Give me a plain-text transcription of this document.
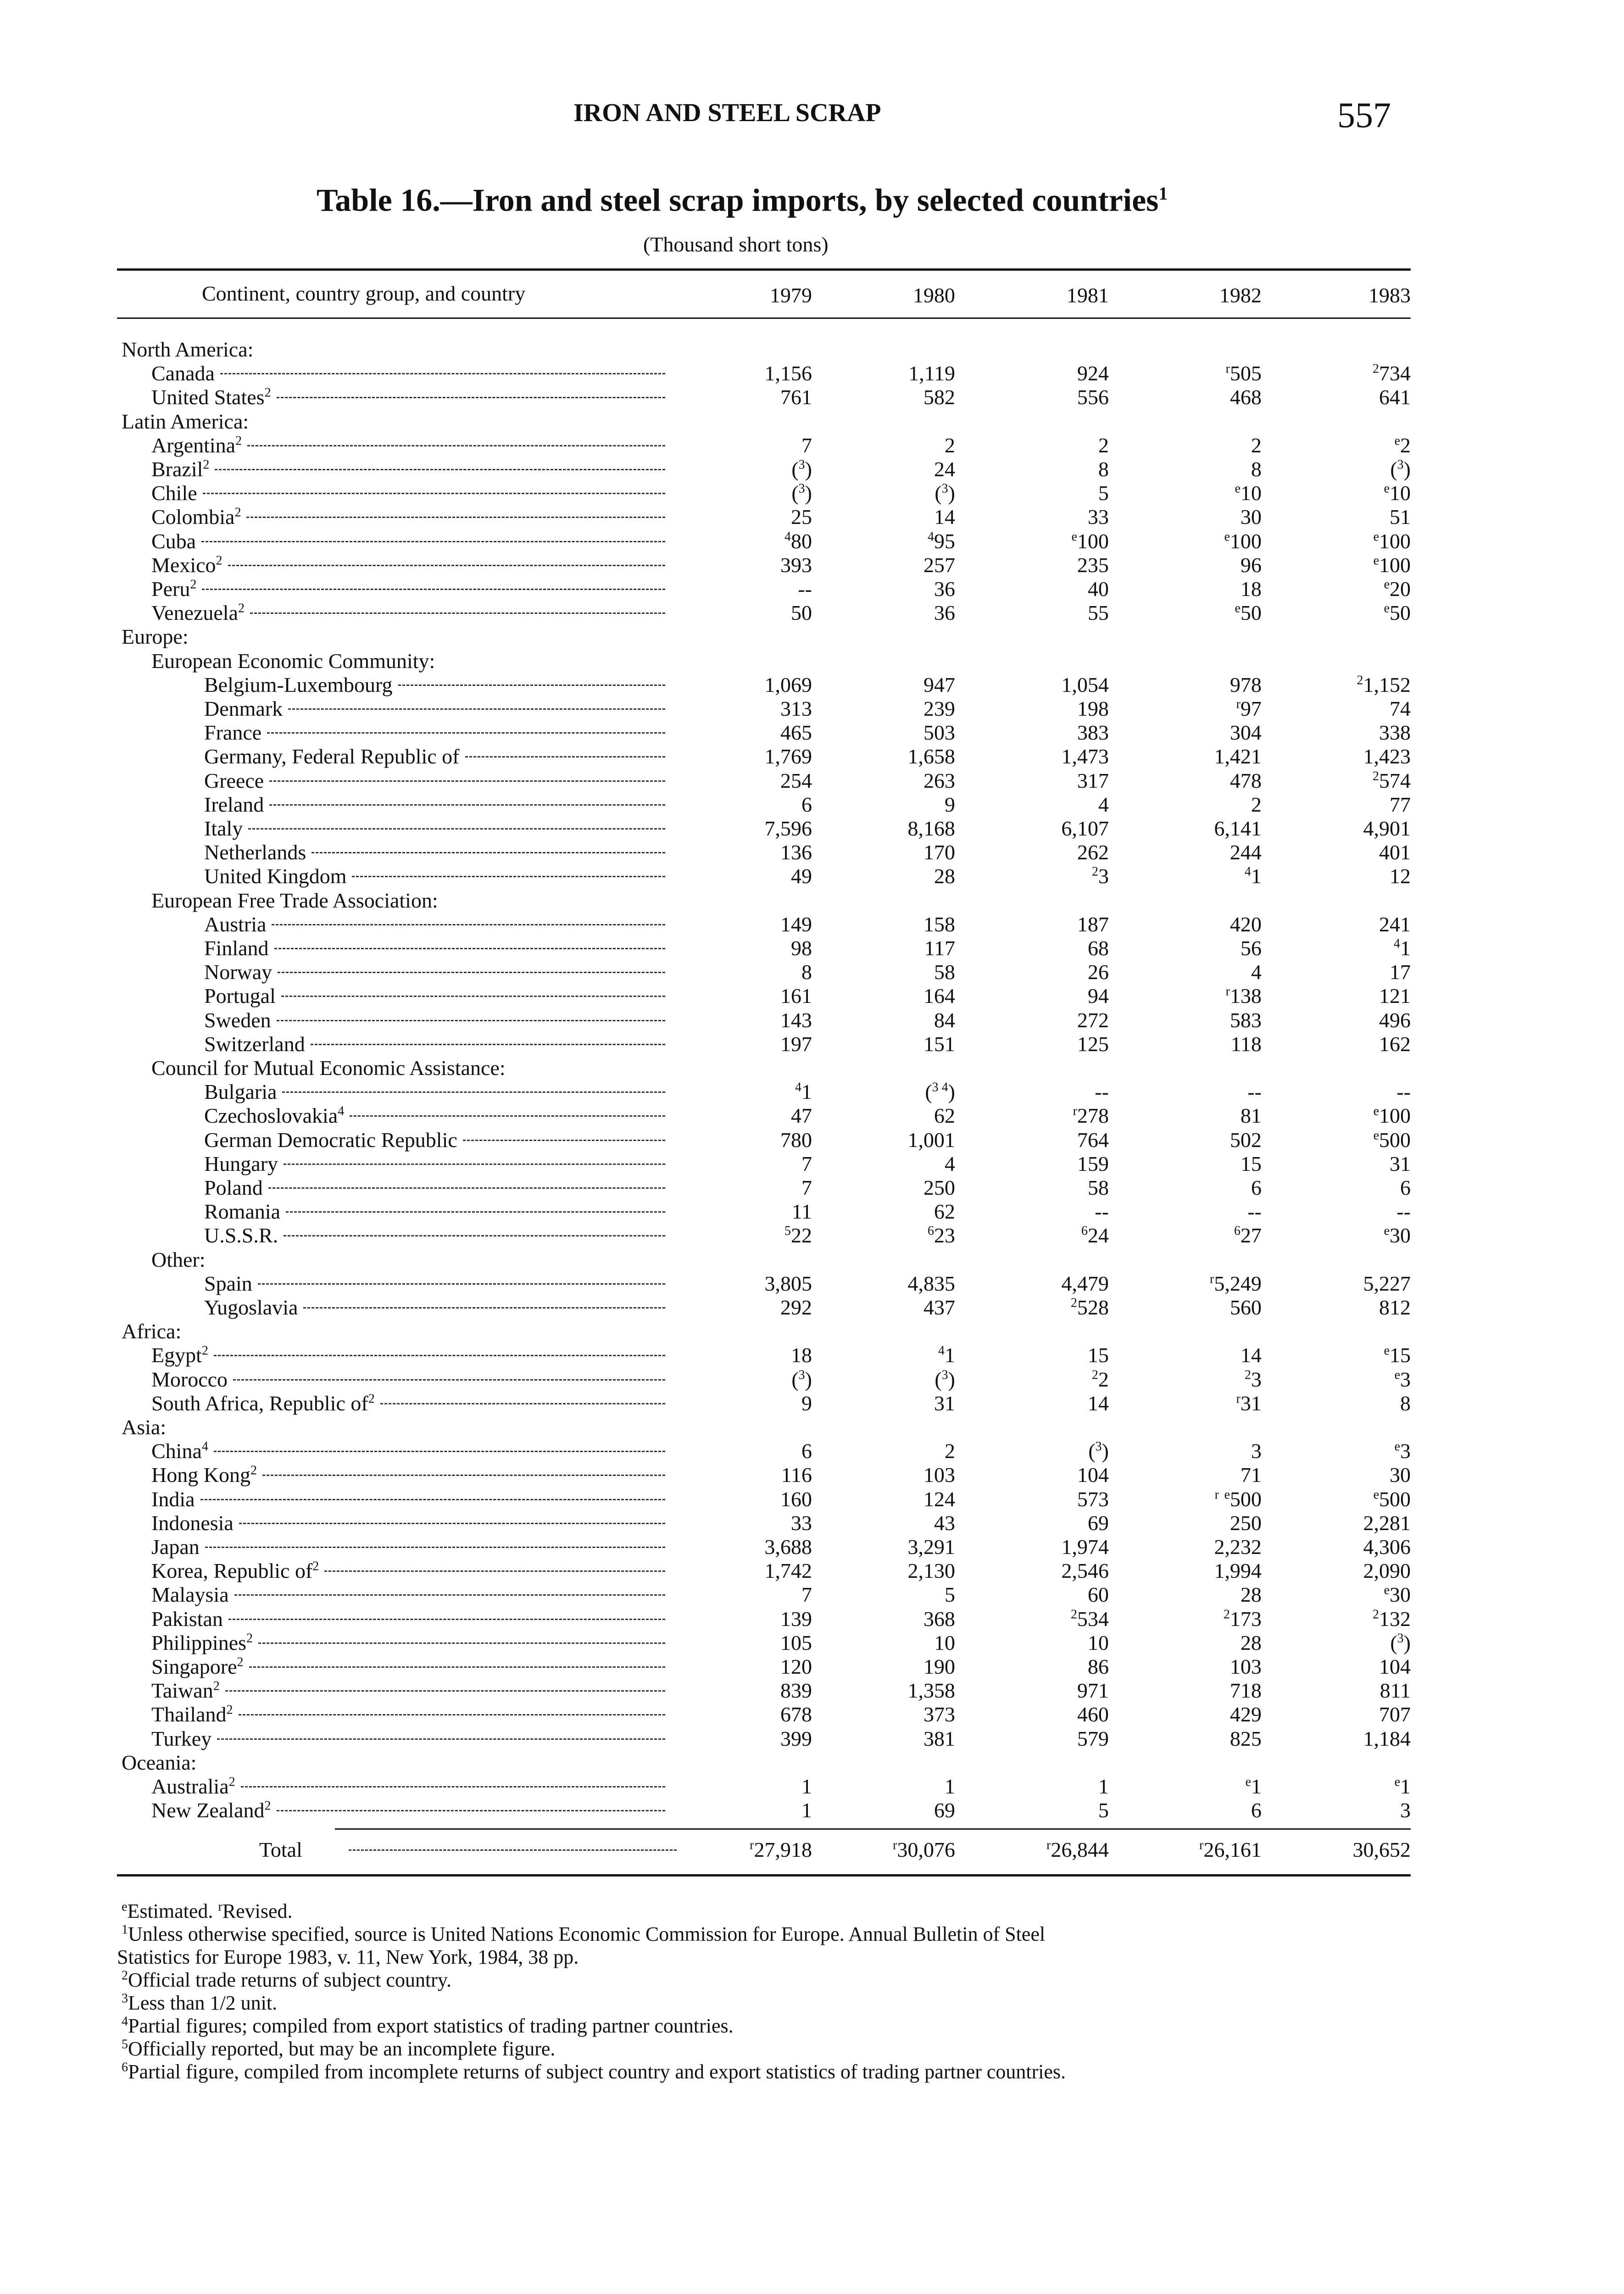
IRON AND STEEL SCRAP	557
Table 16.—Iron and steel scrap imports, by selected countries$^1$
(Thousand short tons)
Continent, country group, and country	1979	1980	1981	1982	1983
North America:
Canada	1,156	1,119	924	$^r$505	$^2$734
United States$^2$	761	582	556	468	641
Latin America:
Argentina$^2$	7	2	2	2	$^e$2
Brazil$^2$	($^3$)	24	8	8	($^3$)
Chile	($^3$)	($^3$)	5	$^e$10	$^e$10
Colombia$^2$	25	14	33	30	51
Cuba	$^4$80	$^4$95	$^e$100	$^e$100	$^e$100
Mexico$^2$	393	257	235	96	$^e$100
Peru$^2$	--	36	40	18	$^e$20
Venezuela$^2$	50	36	55	$^e$50	$^e$50
Europe:
European Economic Community:
Belgium-Luxembourg	1,069	947	1,054	978	$^2$1,152
Denmark	313	239	198	$^r$97	74
France	465	503	383	304	338
Germany, Federal Republic of	1,769	1,658	1,473	1,421	1,423
Greece	254	263	317	478	$^2$574
Ireland	6	9	4	2	77
Italy	7,596	8,168	6,107	6,141	4,901
Netherlands	136	170	262	244	401
United Kingdom	49	28	$^2$3	$^4$1	12
European Free Trade Association:
Austria	149	158	187	420	241
Finland	98	117	68	56	$^4$1
Norway	8	58	26	4	17
Portugal	161	164	94	$^r$138	121
Sweden	143	84	272	583	496
Switzerland	197	151	125	118	162
Council for Mutual Economic Assistance:
Bulgaria	$^4$1	($^{3 4}$)	--	--	--
Czechoslovakia$^4$	47	62	$^r$278	81	$^e$100
German Democratic Republic	780	1,001	764	502	$^e$500
Hungary	7	4	159	15	31
Poland	7	250	58	6	6
Romania	11	62	--	--	--
U.S.S.R.	$^5$22	$^6$23	$^6$24	$^6$27	$^e$30
Other:
Spain	3,805	4,835	4,479	$^r$5,249	5,227
Yugoslavia	292	437	$^2$528	560	812
Africa:
Egypt$^2$	18	$^4$1	15	14	$^e$15
Morocco	($^3$)	($^3$)	$^2$2	$^2$3	$^e$3
South Africa, Republic $of^2$	9	31	14	$^r$31	8
Asia:
China$^4$	6	2	($^3$)	3	$^e$3
Hong Kong$^2$	116	103	104	71	30
India	160	124	573	$^r$ $^e$500	$^e$500
Indonesia	33	43	69	250	2,281
Japan	3,688	3,291	1,974	2,232	4,306
Korea, Republic $of^2$	1,742	2,130	2,546	1,994	2,090
Malaysia	7	5	60	28	$^e$30
Pakistan	139	368	$^2$534	$^2$173	$^2$132
Philippines$^2$	105	10	10	28	($^3$)
Singapore$^2$	120	190	86	103	104
Taiwan$^2$	839	1,358	971	718	811
Thailand$^2$	678	373	460	429	707
Turkey	399	381	579	825	1,184
Oceania:
Australia$^2$	1	1	1	$^e$1	$^e$1
New Zealand$^2$	1	69	5	6	3
Total	$^r$27,918	$^r$30,076	$^r$26,844	$^r$26,161	30,652
$^e$Estimated. $^r$Revised.
$^1$Unless otherwise specified, source is United Nations Economic Commission for Europe. Annual Bulletin of Steel
Statistics for Europe 1983, v. 11, New York, 1984, 38 pp.
$^2$Official trade returns of subject country.
$^3$Less than 1/2 unit.
$^4$Partial figures; compiled from export statistics of trading partner countries.
$^5$Officially reported, but may be an incomplete figure.
$^6$Partial figure, compiled from incomplete returns of subject country and export statistics of trading partner countries.
